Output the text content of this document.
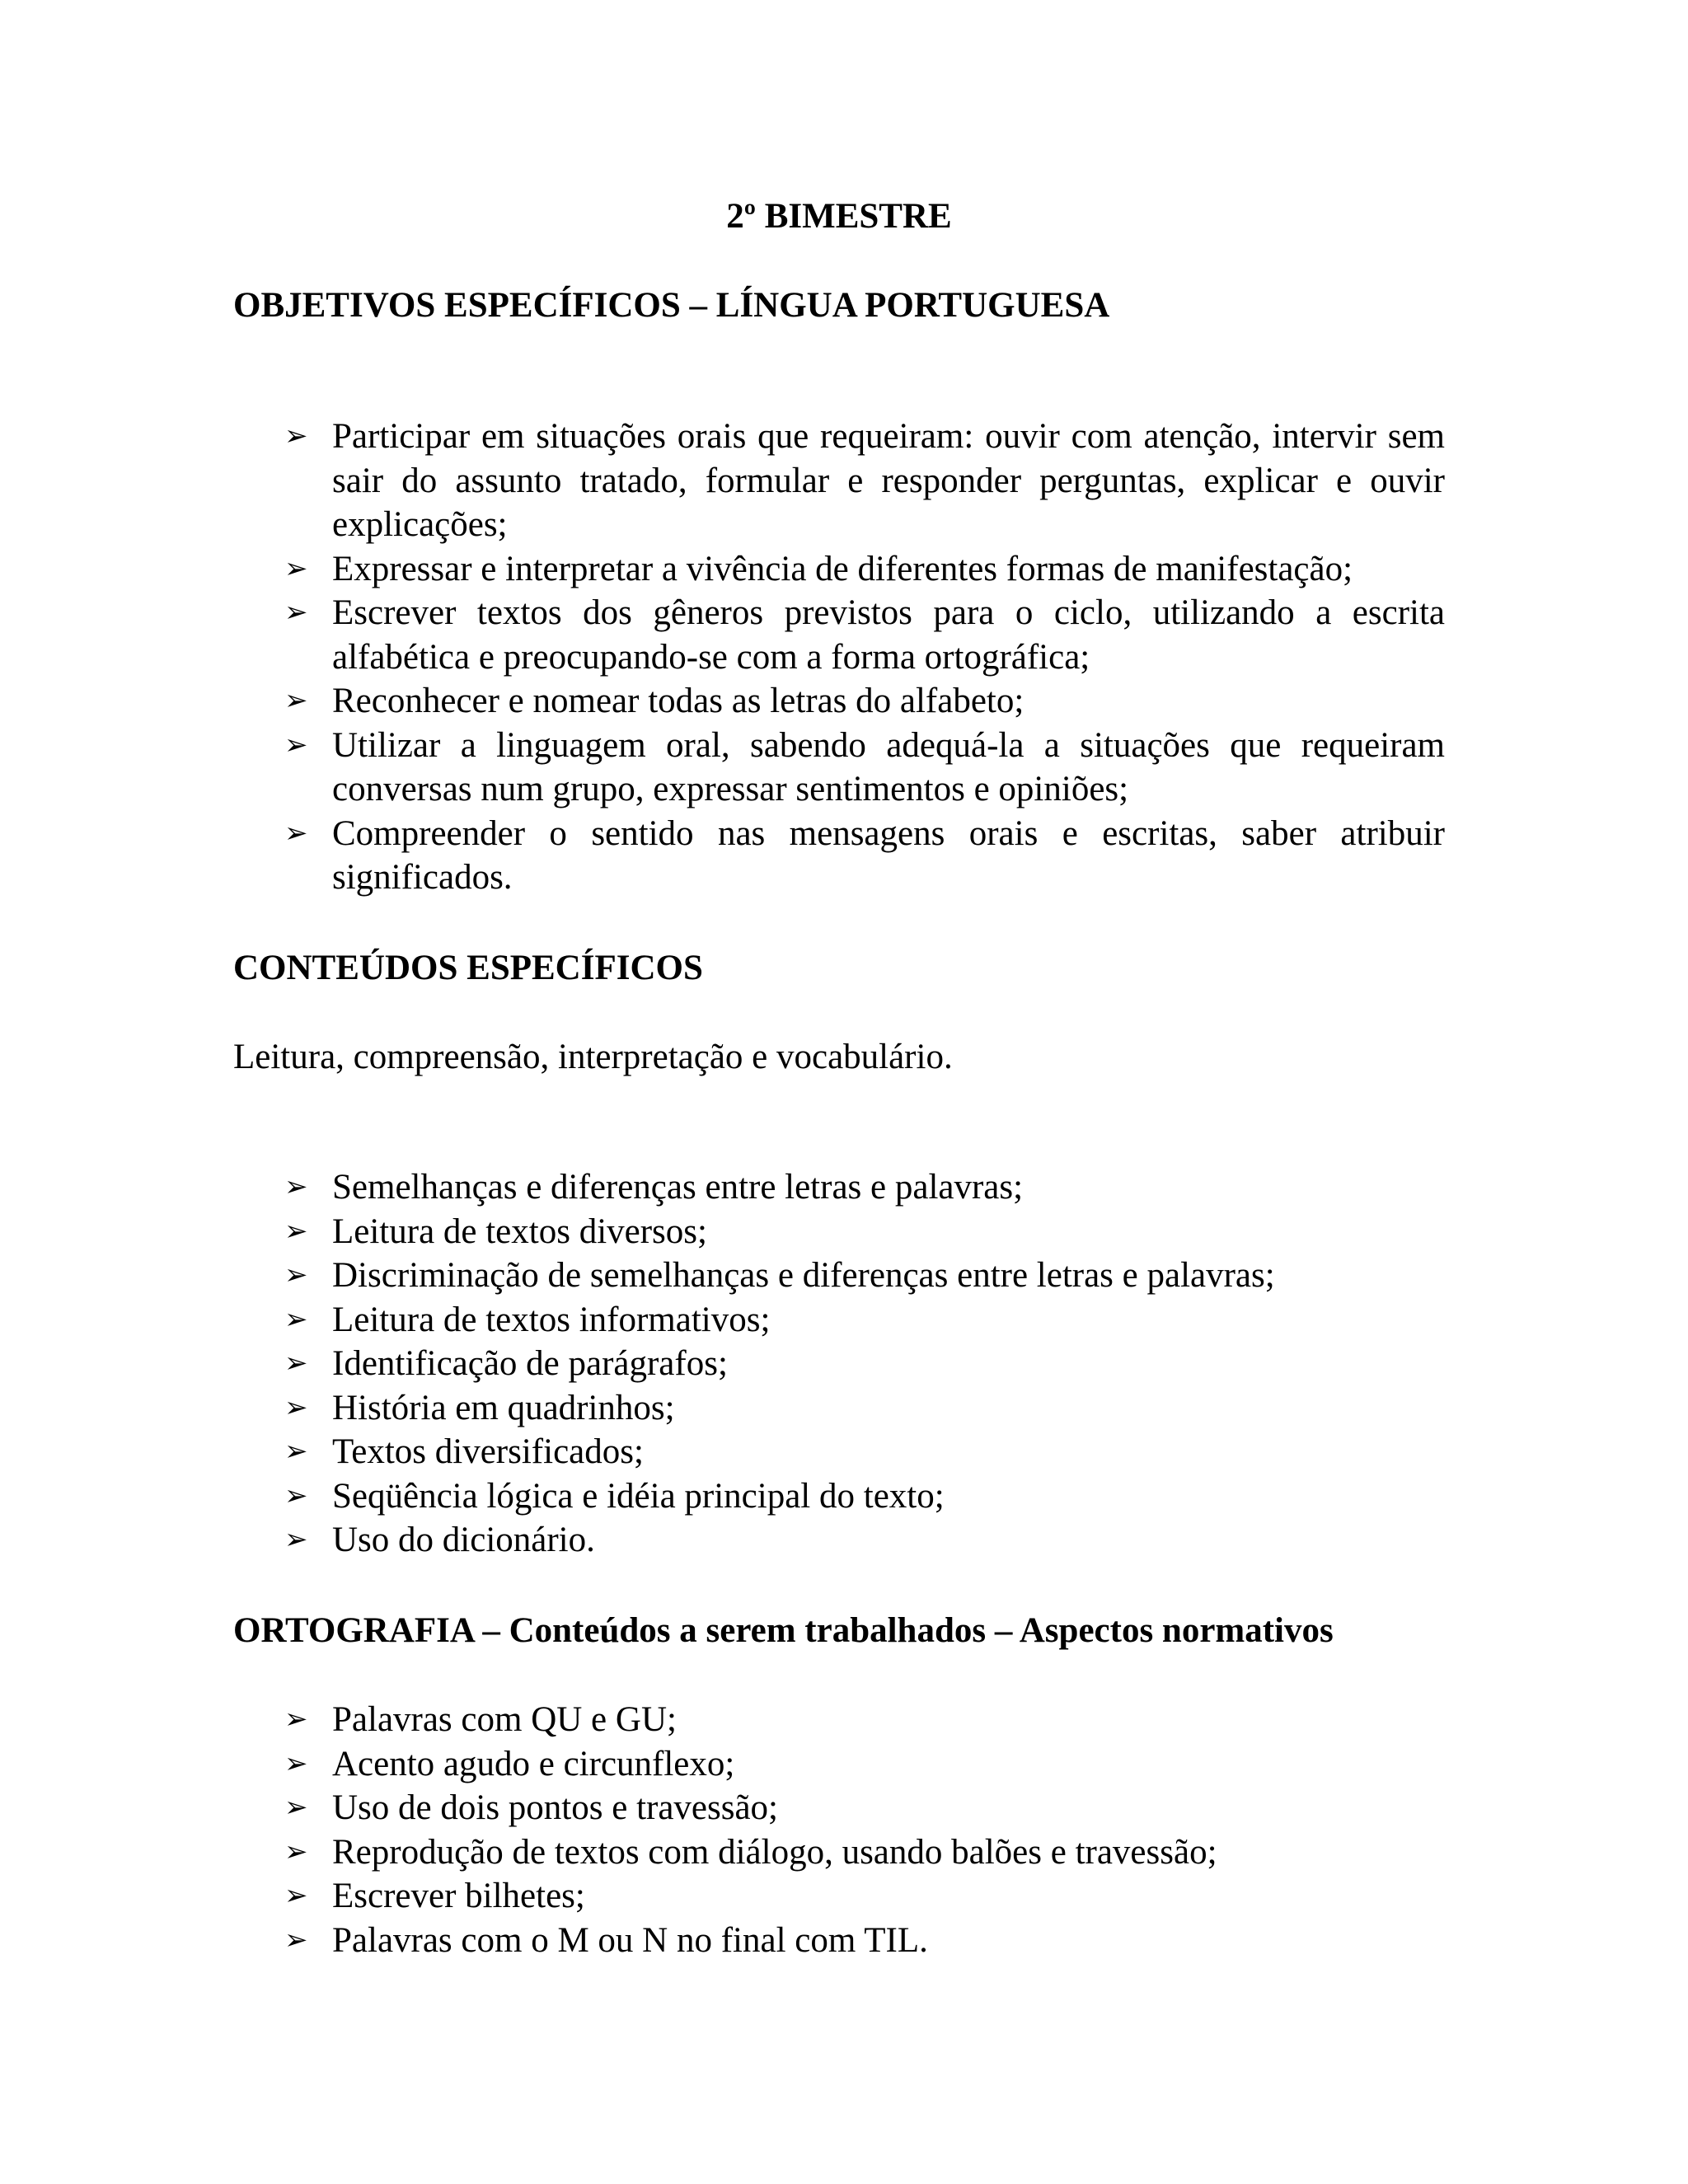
2º BIMESTRE
OBJETIVOS ESPECÍFICOS – LÍNGUA PORTUGUESA
➢ Participar em situações orais que requeiram: ouvir com atenção, intervir sem sair do assunto tratado, formular e responder perguntas, explicar e ouvir explicações;
➢ Expressar e interpretar a vivência de diferentes formas de manifestação;
➢ Escrever textos dos gêneros previstos para o ciclo, utilizando a escrita alfabética e preocupando-se com a forma ortográfica;
➢ Reconhecer e nomear todas as letras do alfabeto;
➢ Utilizar a linguagem oral, sabendo adequá-la a situações que requeiram conversas num grupo, expressar sentimentos e opiniões;
➢ Compreender o sentido nas mensagens orais e escritas, saber atribuir significados.
CONTEÚDOS ESPECÍFICOS

Leitura, compreensão, interpretação e vocabulário.

➢ Semelhanças e diferenças entre letras e palavras;
➢ Leitura de textos diversos;
➢ Discriminação de semelhanças e diferenças entre letras e palavras;
➢ Leitura de textos informativos;
➢ Identificação de parágrafos;
➢ História em quadrinhos;
➢ Textos diversificados;
➢ Seqüência lógica e idéia principal do texto;
➢ Uso do dicionário.
ORTOGRAFIA – Conteúdos a serem trabalhados – Aspectos normativos
➢ Palavras com QU e GU;
➢ Acento agudo e circunflexo;
➢ Uso de dois pontos e travessão;
➢ Reprodução de textos com diálogo, usando balões e travessão;
➢ Escrever bilhetes;
➢ Palavras com o M ou N no final com TIL.
